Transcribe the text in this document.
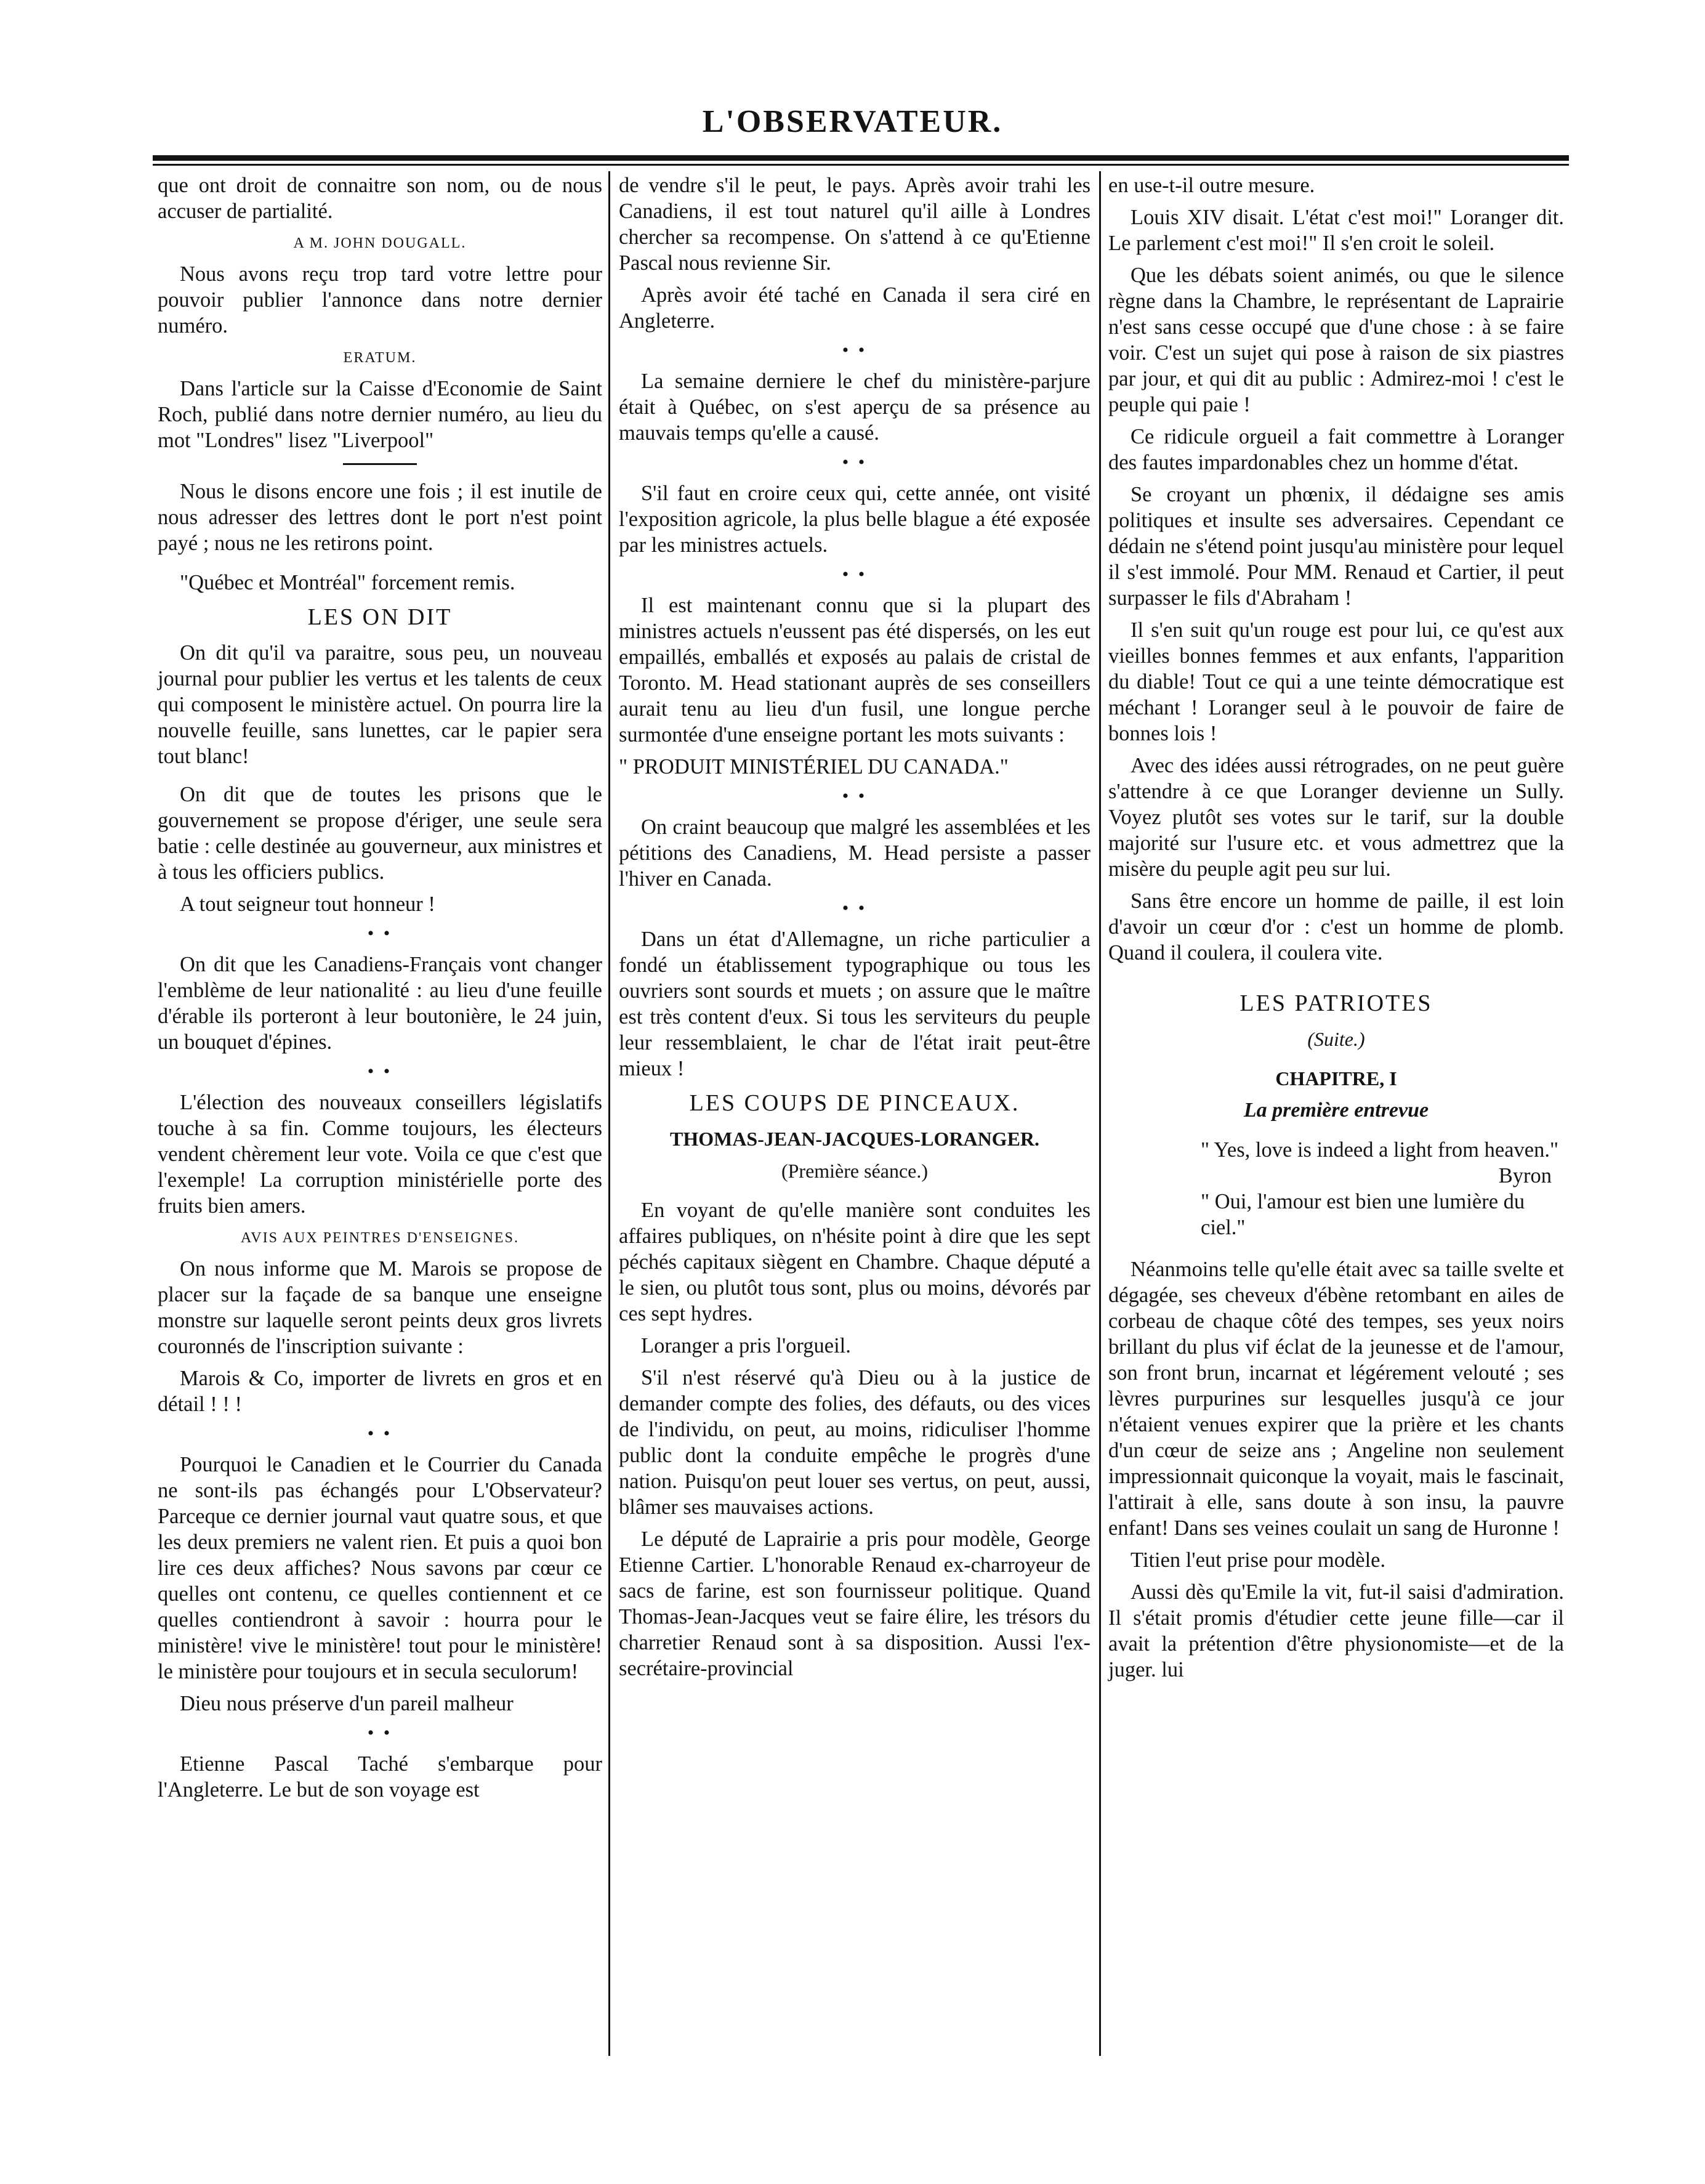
L'OBSERVATEUR.

que ont droit de connaitre son nom, ou de nous accuser de partialité.

A M. JOHN DOUGALL.

Nous avons reçu trop tard votre lettre pour pouvoir publier l'annonce dans notre dernier numéro.

ERATUM.

Dans l'article sur la Caisse d'Economie de Saint Roch, publié dans notre dernier numéro, au lieu du mot "Londres" lisez "Liverpool"

Nous le disons encore une fois ; il est inutile de nous adresser des lettres dont le port n'est point payé ; nous ne les retirons point.

"Québec et Montréal" forcement remis.

LES ON DIT

On dit qu'il va paraitre, sous peu, un nouveau journal pour publier les vertus et les talents de ceux qui composent le ministère actuel. On pourra lire la nouvelle feuille, sans lunettes, car le papier sera tout blanc!

On dit que de toutes les prisons que le gouvernement se propose d'ériger, une seule sera batie : celle destinée au gouverneur, aux ministres et à tous les officiers publics.

A tout seigneur tout honneur !

• •

On dit que les Canadiens-Français vont changer l'emblème de leur nationalité : au lieu d'une feuille d'érable ils porteront à leur boutonière, le 24 juin, un bouquet d'épines.

• •

L'élection des nouveaux conseillers législatifs touche à sa fin. Comme toujours, les électeurs vendent chèrement leur vote. Voila ce que c'est que l'exemple! La corruption ministérielle porte des fruits bien amers.

AVIS AUX PEINTRES D'ENSEIGNES.

On nous informe que M. Marois se propose de placer sur la façade de sa banque une enseigne monstre sur laquelle seront peints deux gros livrets couronnés de l'inscription suivante :

Marois & Co, importer de livrets en gros et en détail ! ! !

• •

Pourquoi le Canadien et le Courrier du Canada ne sont-ils pas échangés pour L'Observateur? Parceque ce dernier journal vaut quatre sous, et que les deux premiers ne valent rien. Et puis a quoi bon lire ces deux affiches? Nous savons par cœur ce quelles ont contenu, ce quelles contiennent et ce quelles contiendront à savoir : hourra pour le ministère! vive le ministère! tout pour le ministère! le ministère pour toujours et in secula seculorum!

Dieu nous préserve d'un pareil malheur

• •

Etienne Pascal Taché s'embarque pour l'Angleterre. Le but de son voyage est

de vendre s'il le peut, le pays. Après avoir trahi les Canadiens, il est tout naturel qu'il aille à Londres chercher sa recompense. On s'attend à ce qu'Etienne Pascal nous revienne Sir.

Après avoir été taché en Canada il sera ciré en Angleterre.

• •

La semaine derniere le chef du ministère-parjure était à Québec, on s'est aperçu de sa présence au mauvais temps qu'elle a causé.

• •

S'il faut en croire ceux qui, cette année, ont visité l'exposition agricole, la plus belle blague a été exposée par les ministres actuels.

• •

Il est maintenant connu que si la plupart des ministres actuels n'eussent pas été dispersés, on les eut empaillés, emballés et exposés au palais de cristal de Toronto. M. Head stationant auprès de ses conseillers aurait tenu au lieu d'un fusil, une longue perche surmontée d'une enseigne portant les mots suivants :

" PRODUIT MINISTÉRIEL DU CANADA."

• •

On craint beaucoup que malgré les assemblées et les pétitions des Canadiens, M. Head persiste a passer l'hiver en Canada.

• •

Dans un état d'Allemagne, un riche particulier a fondé un établissement typographique ou tous les ouvriers sont sourds et muets ; on assure que le maître est très content d'eux. Si tous les serviteurs du peuple leur ressemblaient, le char de l'état irait peut-être mieux !

LES COUPS DE PINCEAUX.

THOMAS-JEAN-JACQUES-LORANGER.

(Première séance.)

En voyant de qu'elle manière sont conduites les affaires publiques, on n'hésite point à dire que les sept péchés capitaux siègent en Chambre. Chaque député a le sien, ou plutôt tous sont, plus ou moins, dévorés par ces sept hydres.

Loranger a pris l'orgueil.

S'il n'est réservé qu'à Dieu ou à la justice de demander compte des folies, des défauts, ou des vices de l'individu, on peut, au moins, ridiculiser l'homme public dont la conduite empêche le progrès d'une nation. Puisqu'on peut louer ses vertus, on peut, aussi, blâmer ses mauvaises actions.

Le député de Laprairie a pris pour modèle, George Etienne Cartier. L'honorable Renaud ex-charroyeur de sacs de farine, est son fournisseur politique. Quand Thomas-Jean-Jacques veut se faire élire, les trésors du charretier Renaud sont à sa disposition. Aussi l'ex-secrétaire-provincial

en use-t-il outre mesure.

Louis XIV disait. L'état c'est moi!" Loranger dit. Le parlement c'est moi!" Il s'en croit le soleil.

Que les débats soient animés, ou que le silence règne dans la Chambre, le représentant de Laprairie n'est sans cesse occupé que d'une chose : à se faire voir. C'est un sujet qui pose à raison de six piastres par jour, et qui dit au public : Admirez-moi ! c'est le peuple qui paie !

Ce ridicule orgueil a fait commettre à Loranger des fautes impardonables chez un homme d'état.

Se croyant un phœnix, il dédaigne ses amis politiques et insulte ses adversaires. Cependant ce dédain ne s'étend point jusqu'au ministère pour lequel il s'est immolé. Pour MM. Renaud et Cartier, il peut surpasser le fils d'Abraham !

Il s'en suit qu'un rouge est pour lui, ce qu'est aux vieilles bonnes femmes et aux enfants, l'apparition du diable! Tout ce qui a une teinte démocratique est méchant ! Loranger seul à le pouvoir de faire de bonnes lois !

Avec des idées aussi rétrogrades, on ne peut guère s'attendre à ce que Loranger devienne un Sully. Voyez plutôt ses votes sur le tarif, sur la double majorité sur l'usure etc. et vous admettrez que la misère du peuple agit peu sur lui.

Sans être encore un homme de paille, il est loin d'avoir un cœur d'or : c'est un homme de plomb. Quand il coulera, il coulera vite.

LES PATRIOTES

(Suite.)

CHAPITRE, I

La première entrevue

" Yes, love is indeed a light from heaven."
Byron
" Oui, l'amour est bien une lumière du ciel."

Néanmoins telle qu'elle était avec sa taille svelte et dégagée, ses cheveux d'ébène retombant en ailes de corbeau de chaque côté des tempes, ses yeux noirs brillant du plus vif éclat de la jeunesse et de l'amour, son front brun, incarnat et légérement velouté ; ses lèvres purpurines sur lesquelles jusqu'à ce jour n'étaient venues expirer que la prière et les chants d'un cœur de seize ans ; Angeline non seulement impressionnait quiconque la voyait, mais le fascinait, l'attirait à elle, sans doute à son insu, la pauvre enfant! Dans ses veines coulait un sang de Huronne !

Titien l'eut prise pour modèle.

Aussi dès qu'Emile la vit, fut-il saisi d'admiration. Il s'était promis d'étudier cette jeune fille—car il avait la prétention d'être physionomiste—et de la juger. lui
